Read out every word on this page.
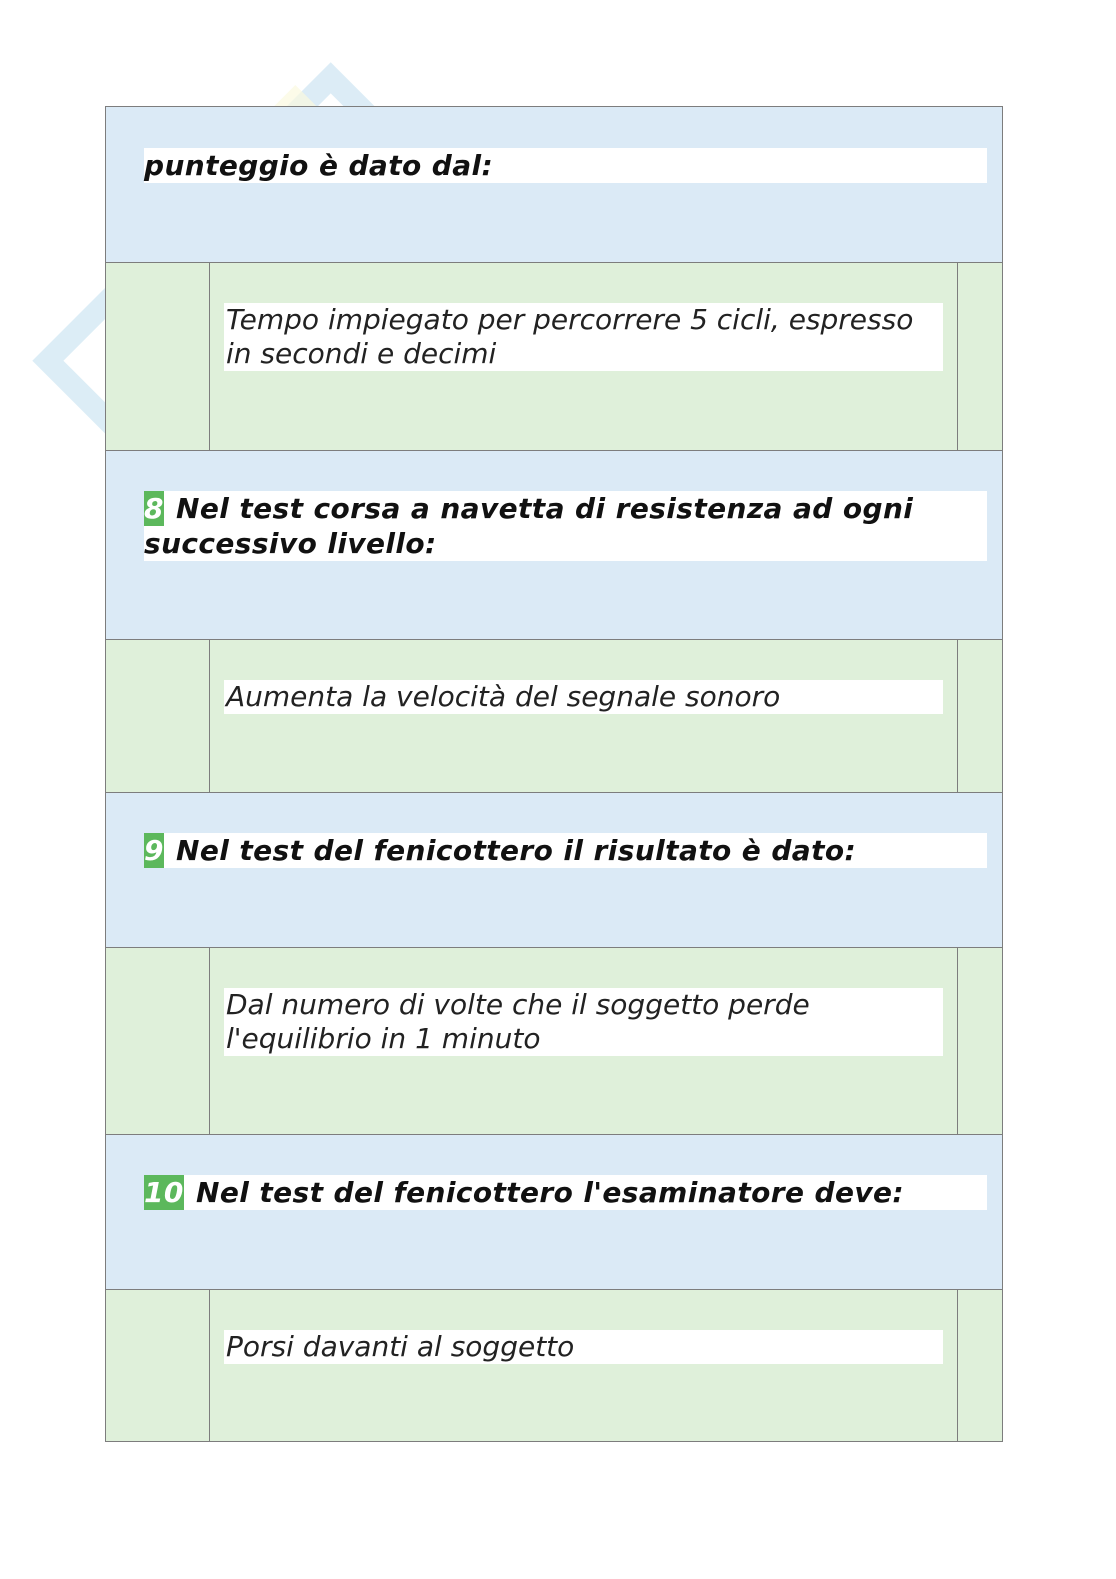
punteggio è dato dal:
Tempo impiegato per percorrere 5 cicli, espresso in secondi e decimi
8 Nel test corsa a navetta di resistenza ad ogni successivo livello:
Aumenta la velocità del segnale sonoro
9 Nel test del fenicottero il risultato è dato:
Dal numero di volte che il soggetto perde l'equilibrio in 1 minuto
10 Nel test del fenicottero l'esaminatore deve:
Porsi davanti al soggetto
